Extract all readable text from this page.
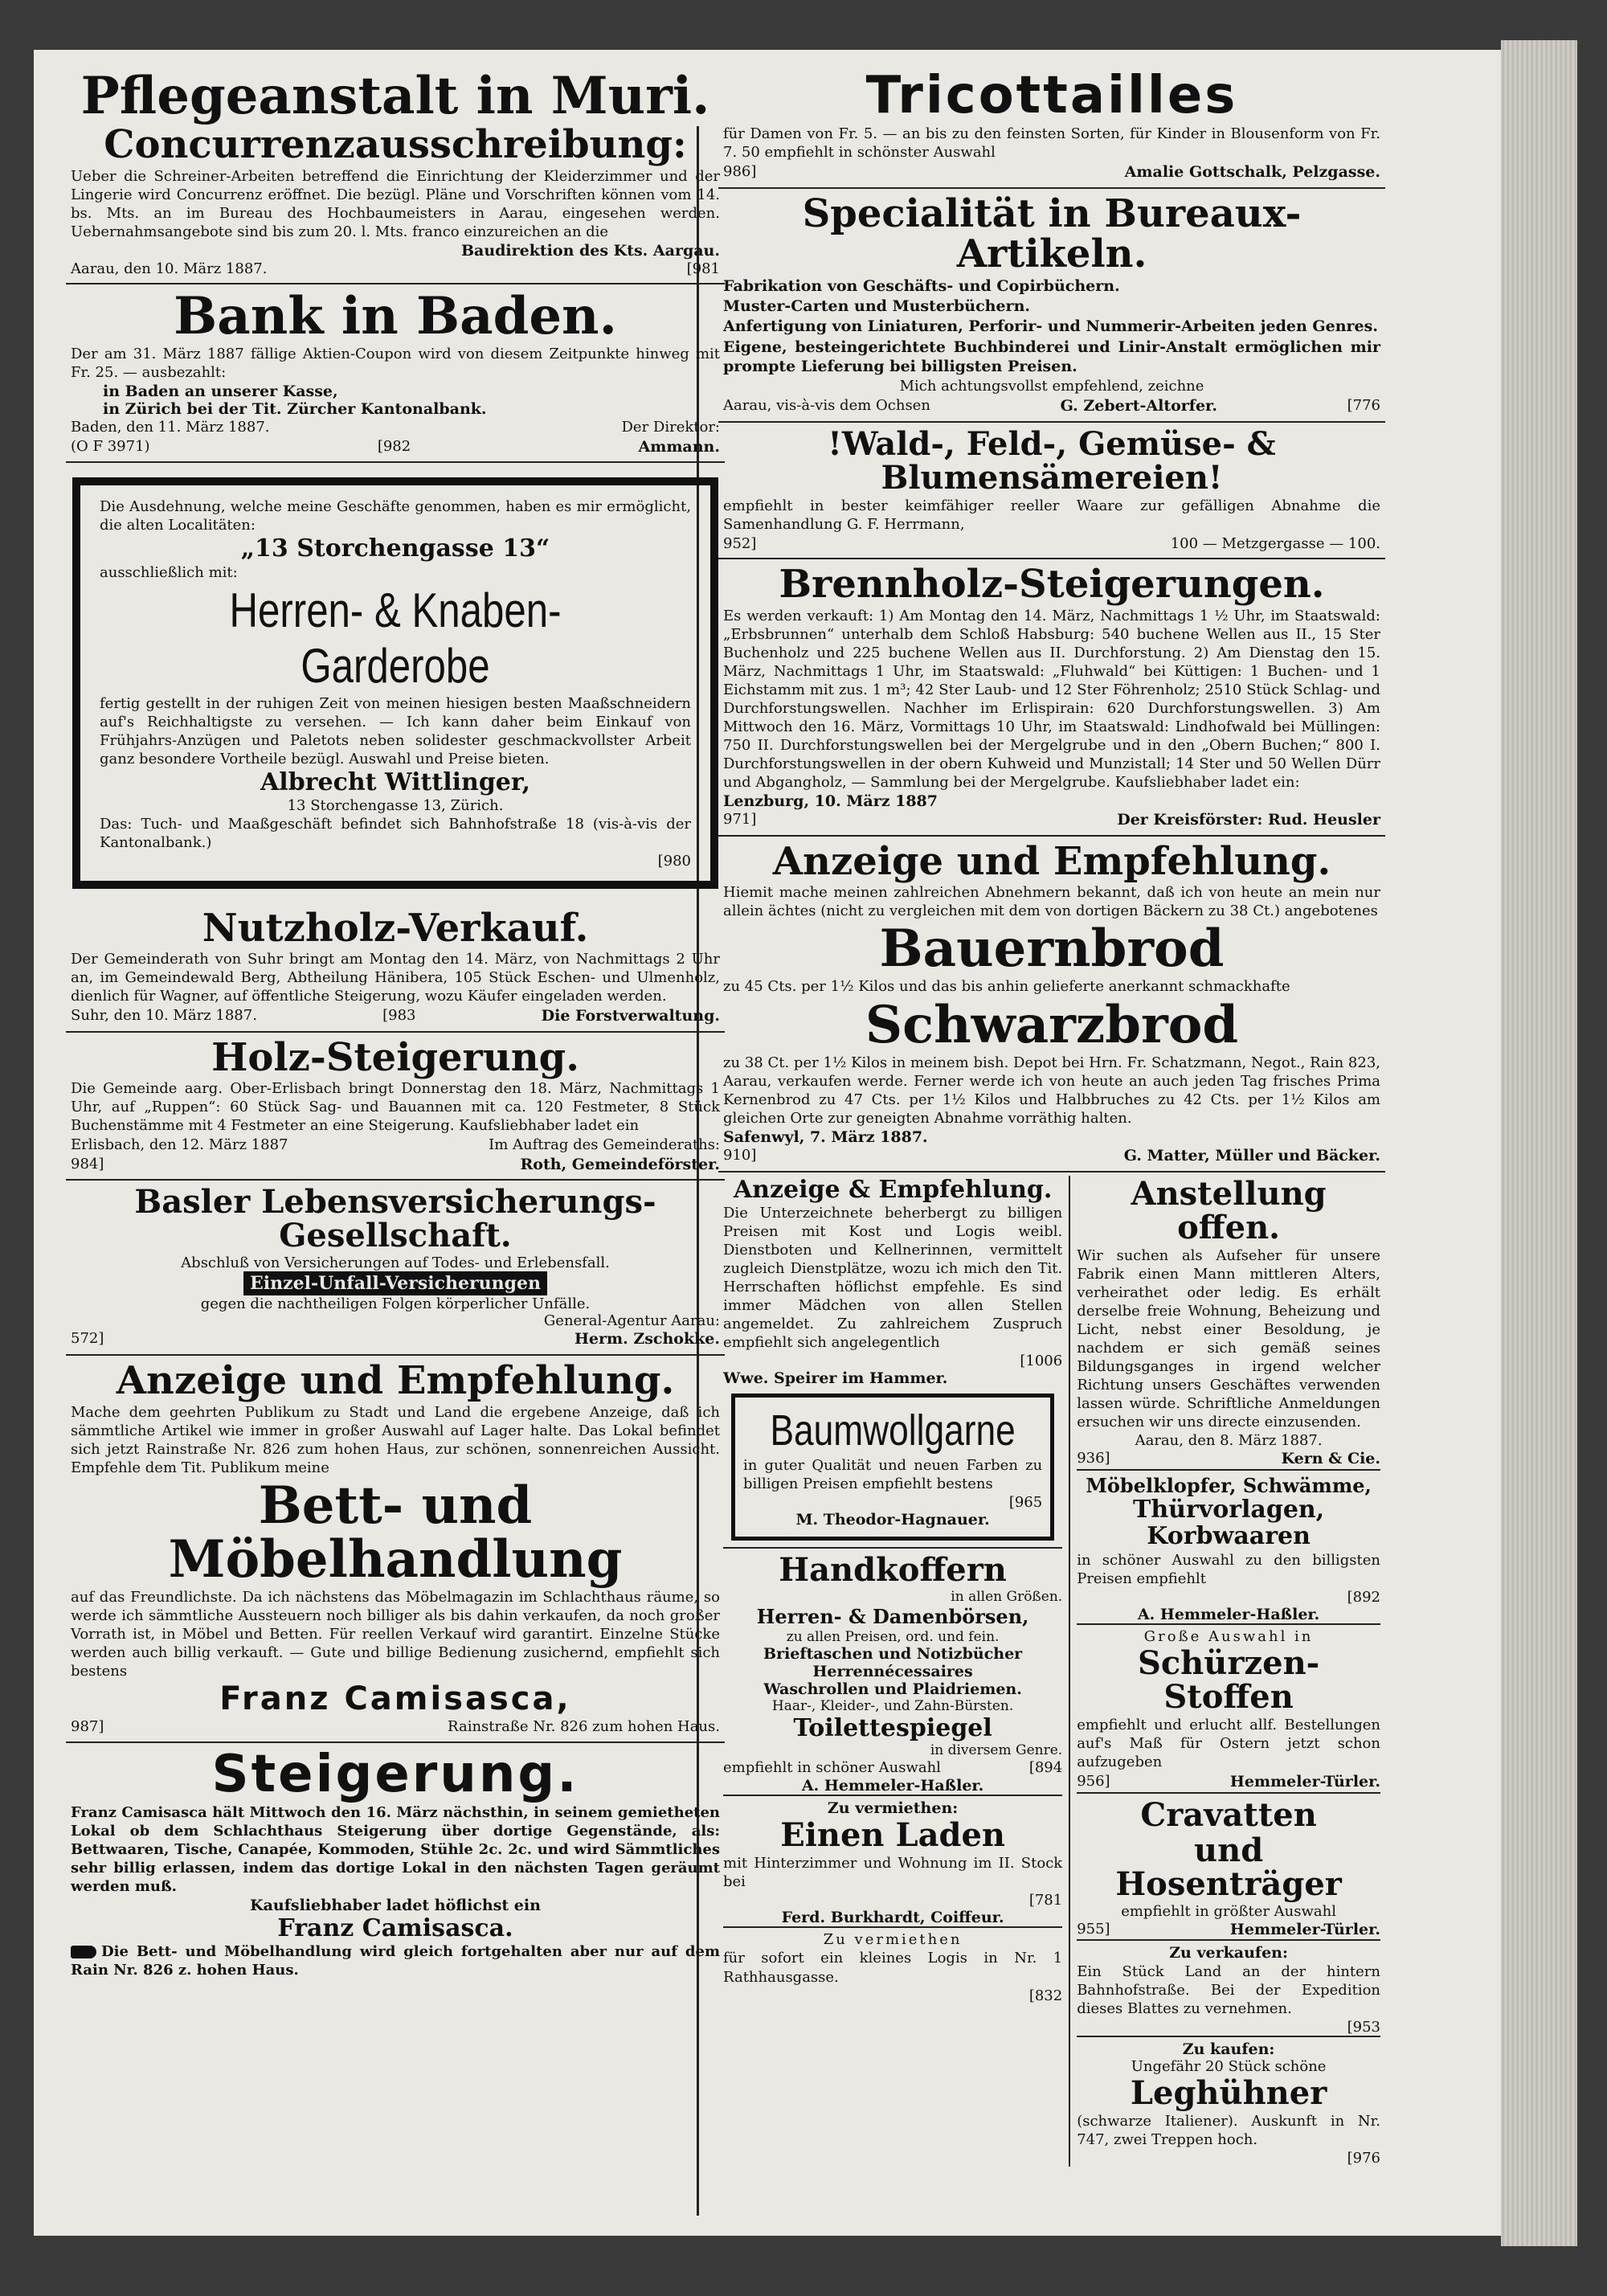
Pflegeanstalt in Muri.
Concurrenzausschreibung:

Ueber die Schreiner-Arbeiten betreffend die Einrichtung der Kleiderzimmer und der Lingerie wird Concurrenz eröffnet. Die bezügl. Pläne und Vorschriften können vom 14. bs. Mts. an im Bureau des Hochbaumeisters in Aarau, eingesehen werden. Uebernahmsangebote sind bis zum 20. l. Mts. franco einzureichen an die

Baudirektion des Kts. Aargau.
Aarau, den 10. März 1887.	[981
Bank in Baden.

Der am 31. März 1887 fällige Aktien-Coupon wird von diesem Zeitpunkte hinweg mit Fr. 25. — ausbezahlt:

in Baden an unserer Kasse,
in Zürich bei der Tit. Zürcher Kantonalbank.
Baden, den 11. März 1887.	Der Direktor:
(O F 3971)	[982	Ammann.

Die Ausdehnung, welche meine Geschäfte genommen, haben es mir ermöglicht, die alten Localitäten:

„13 Storchengasse 13“

ausschließlich mit:

Herren- & Knaben-Garderobe

fertig gestellt in der ruhigen Zeit von meinen hiesigen besten Maaßschneidern auf's Reichhaltigste zu versehen. — Ich kann daher beim Einkauf von Frühjahrs-Anzügen und Paletots neben solidester geschmackvollster Arbeit ganz besondere Vortheile bezügl. Auswahl und Preise bieten.

Albrecht Wittlinger,
13 Storchengasse 13, Zürich.

Das: Tuch- und Maaßgeschäft befindet sich Bahnhofstraße 18 (vis-à-vis der Kantonalbank.)

[980
Nutzholz-Verkauf.

Der Gemeinderath von Suhr bringt am Montag den 14. März, von Nachmittags 2 Uhr an, im Gemeindewald Berg, Abtheilung Hänibera, 105 Stück Eschen- und Ulmenholz, dienlich für Wagner, auf öffentliche Steigerung, wozu Käufer eingeladen werden.

Suhr, den 10. März 1887.	[983	Die Forstverwaltung.
Holz-Steigerung.

Die Gemeinde aarg. Ober-Erlisbach bringt Donnerstag den 18. März, Nachmittags 1 Uhr, auf „Ruppen“: 60 Stück Sag- und Bauannen mit ca. 120 Festmeter, 8 Stück Buchenstämme mit 4 Festmeter an eine Steigerung. Kaufsliebhaber ladet ein

Erlisbach, den 12. März 1887	Im Auftrag des Gemeinderaths:
984]	Roth, Gemeindeförster.
Basler Lebensversicherungs-Gesellschaft.
Abschluß von Versicherungen auf Todes- und Erlebensfall.
Einzel-Unfall-Versicherungen
gegen die nachtheiligen Folgen körperlicher Unfälle.
General-Agentur Aarau:
572]	Herm. Zschokke.
Anzeige und Empfehlung.

Mache dem geehrten Publikum zu Stadt und Land die ergebene Anzeige, daß ich sämmtliche Artikel wie immer in großer Auswahl auf Lager halte. Das Lokal befindet sich jetzt Rainstraße Nr. 826 zum hohen Haus, zur schönen, sonnenreichen Aussicht. Empfehle dem Tit. Publikum meine

Bett- und Möbelhandlung

auf das Freundlichste. Da ich nächstens das Möbelmagazin im Schlachthaus räume, so werde ich sämmtliche Aussteuern noch billiger als bis dahin verkaufen, da noch großer Vorrath ist, in Möbel und Betten. Für reellen Verkauf wird garantirt. Einzelne Stücke werden auch billig verkauft. — Gute und billige Bedienung zusichernd, empfiehlt sich bestens

Franz Camisasca,
987]	Rainstraße Nr. 826 zum hohen Haus.
Steigerung.

Franz Camisasca hält Mittwoch den 16. März nächsthin, in seinem gemietheten Lokal ob dem Schlachthaus Steigerung über dortige Gegenstände, als: Bettwaaren, Tische, Canapée, Kommoden, Stühle 2c. 2c. und wird Sämmtliches sehr billig erlassen, indem das dortige Lokal in den nächsten Tagen geräumt werden muß.

Kaufsliebhaber ladet höflichst ein
Franz Camisasca.

Die Bett- und Möbelhandlung wird gleich fortgehalten aber nur auf dem Rain Nr. 826 z. hohen Haus.

Tricottailles

für Damen von Fr. 5. — an bis zu den feinsten Sorten, für Kinder in Blousenform von Fr. 7. 50 empfiehlt in schönster Auswahl

986]	Amalie Gottschalk, Pelzgasse.
Specialität in Bureaux-Artikeln.

Fabrikation von Geschäfts- und Copirbüchern.

Muster-Carten und Musterbüchern.

Anfertigung von Liniaturen, Perforir- und Nummerir-Arbeiten jeden Genres.

Eigene, besteingerichtete Buchbinderei und Linir-Anstalt ermöglichen mir prompte Lieferung bei billigsten Preisen.

Mich achtungsvollst empfehlend, zeichne

Aarau, vis-à-vis dem Ochsen	G. Zebert-Altorfer.	[776
!Wald-, Feld-, Gemüse- & Blumensämereien!

empfiehlt in bester keimfähiger reeller Waare zur gefälligen Abnahme die Samenhandlung G. F. Herrmann,

952]	100 — Metzgergasse — 100.
Brennholz-Steigerungen.

Es werden verkauft: 1) Am Montag den 14. März, Nachmittags 1 ½ Uhr, im Staatswald: „Erbsbrunnen“ unterhalb dem Schloß Habsburg: 540 buchene Wellen aus II., 15 Ster Buchenholz und 225 buchene Wellen aus II. Durchforstung. 2) Am Dienstag den 15. März, Nachmittags 1 Uhr, im Staatswald: „Fluhwald“ bei Küttigen: 1 Buchen- und 1 Eichstamm mit zus. 1 m³; 42 Ster Laub- und 12 Ster Föhrenholz; 2510 Stück Schlag- und Durchforstungswellen. Nachher im Erlispirain: 620 Durchforstungswellen. 3) Am Mittwoch den 16. März, Vormittags 10 Uhr, im Staatswald: Lindhofwald bei Müllingen: 750 II. Durchforstungswellen bei der Mergelgrube und in den „Obern Buchen;“ 800 I. Durchforstungswellen in der obern Kuhweid und Munzistall; 14 Ster und 50 Wellen Dürr und Abgangholz, — Sammlung bei der Mergelgrube. Kaufsliebhaber ladet ein:

Lenzburg, 10. März 1887
971]	Der Kreisförster: Rud. Heusler
Anzeige und Empfehlung.

Hiemit mache meinen zahlreichen Abnehmern bekannt, daß ich von heute an mein nur allein ächtes (nicht zu vergleichen mit dem von dortigen Bäckern zu 38 Ct.) angebotenes

Bauernbrod

zu 45 Cts. per 1½ Kilos und das bis anhin gelieferte anerkannt schmackhafte

Schwarzbrod

zu 38 Ct. per 1½ Kilos in meinem bish. Depot bei Hrn. Fr. Schatzmann, Negot., Rain 823, Aarau, verkaufen werde. Ferner werde ich von heute an auch jeden Tag frisches Prima Kernenbrod zu 47 Cts. per 1½ Kilos und Halbbruches zu 42 Cts. per 1½ Kilos am gleichen Orte zur geneigten Abnahme vorräthig halten.

Safenwyl, 7. März 1887.
910]	G. Matter, Müller und Bäcker.
Anzeige & Empfehlung.

Die Unterzeichnete beherbergt zu billigen Preisen mit Kost und Logis weibl. Dienstboten und Kellnerinnen, vermittelt zugleich Dienstplätze, wozu ich mich den Tit. Herrschaften höflichst empfehle. Es sind immer Mädchen von allen Stellen angemeldet. Zu zahlreichem Zuspruch empfiehlt sich angelegentlich

[1006
Wwe. Speirer im Hammer.
Baumwollgarne

in guter Qualität und neuen Farben zu billigen Preisen empfiehlt bestens

[965
M. Theodor-Hagnauer.
Handkoffern
in allen Größen.
Herren- & Damenbörsen,
zu allen Preisen, ord. und fein.
Brieftaschen und Notizbücher
Herrennécessaires
Waschrollen und Plaidriemen.
Haar-, Kleider-, und Zahn-Bürsten.
Toilettespiegel
in diversem Genre.
empfiehlt in schöner Auswahl	[894
A. Hemmeler-Haßler.
Zu vermiethen:
Einen Laden

mit Hinterzimmer und Wohnung im II. Stock bei

[781
Ferd. Burkhardt, Coiffeur.
Zu vermiethen

für sofort ein kleines Logis in Nr. 1 Rathhausgasse.

[832
Anstellung offen.

Wir suchen als Aufseher für unsere Fabrik einen Mann mittleren Alters, verheirathet oder ledig. Es erhält derselbe freie Wohnung, Beheizung und Licht, nebst einer Besoldung, je nachdem er sich gemäß seines Bildungsganges in irgend welcher Richtung unsers Geschäftes verwenden lassen würde. Schriftliche Anmeldungen ersuchen wir uns directe einzusenden.

Aarau, den 8. März 1887.
936]	Kern & Cie.
Möbelklopfer, Schwämme,
Thürvorlagen,
Korbwaaren

in schöner Auswahl zu den billigsten Preisen empfiehlt

[892
A. Hemmeler-Haßler.
Große Auswahl in
Schürzen-Stoffen

empfiehlt und erlucht allf. Bestellungen auf's Maß für Ostern jetzt schon aufzugeben

956]	Hemmeler-Türler.
Cravatten
und Hosenträger
empfiehlt in größter Auswahl
955]	Hemmeler-Türler.
Zu verkaufen:

Ein Stück Land an der hintern Bahnhofstraße. Bei der Expedition dieses Blattes zu vernehmen.

[953
Zu kaufen:
Ungefähr 20 Stück schöne
Leghühner

(schwarze Italiener). Auskunft in Nr. 747, zwei Treppen hoch.

[976
